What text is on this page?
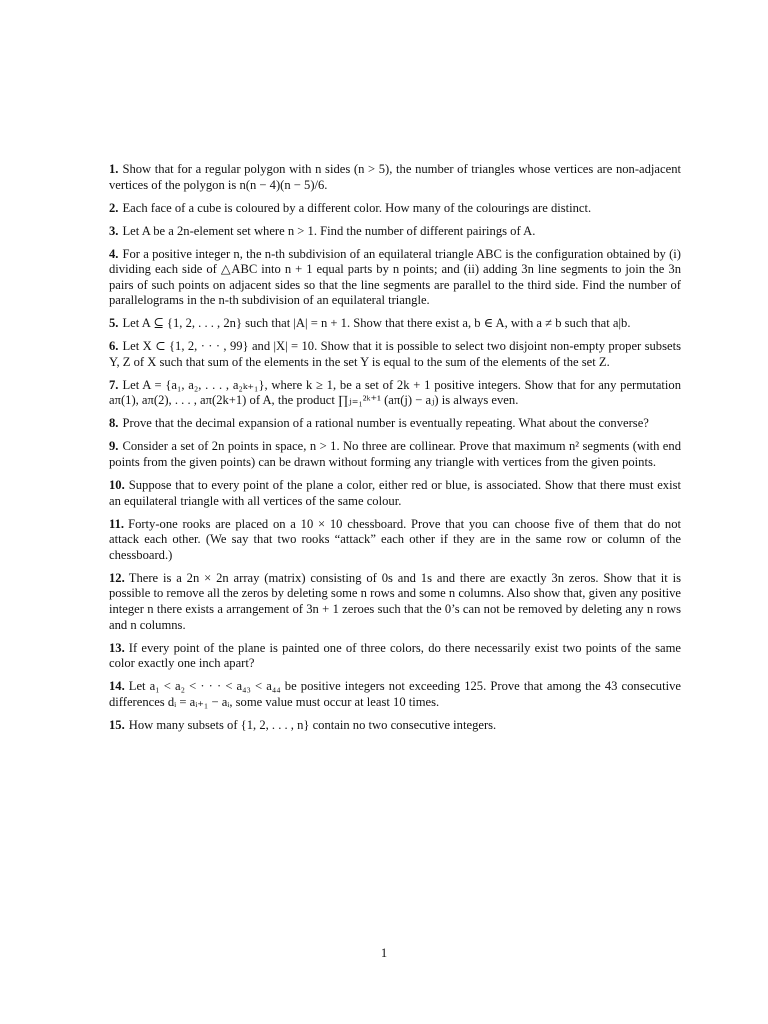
1. Show that for a regular polygon with n sides (n > 5), the number of triangles whose vertices are non-adjacent vertices of the polygon is n(n − 4)(n − 5)/6.

2. Each face of a cube is coloured by a different color. How many of the colourings are distinct.

3. Let A be a 2n-element set where n > 1. Find the number of different pairings of A.

4. For a positive integer n, the n-th subdivision of an equilateral triangle ABC is the configuration obtained by (i) dividing each side of △ABC into n + 1 equal parts by n points; and (ii) adding 3n line segments to join the 3n pairs of such points on adjacent sides so that the line segments are parallel to the third side. Find the number of parallelograms in the n-th subdivision of an equilateral triangle.

5. Let A ⊆ {1, 2, . . . , 2n} such that |A| = n + 1. Show that there exist a, b ∈ A, with a ≠ b such that a|b.

6. Let X ⊂ {1, 2, · · · , 99} and |X| = 10. Show that it is possible to select two disjoint non-empty proper subsets Y, Z of X such that sum of the elements in the set Y is equal to the sum of the elements of the set Z.

7. Let A = {a₁, a₂, . . . , a₂ₖ₊₁}, where k ≥ 1, be a set of 2k + 1 positive integers. Show that for any permutation aπ(1), aπ(2), . . . , aπ(2k+1) of A, the product ∏ⱼ₌₁²ᵏ⁺¹ (aπ(j) − aⱼ) is always even.

8. Prove that the decimal expansion of a rational number is eventually repeating. What about the converse?

9. Consider a set of 2n points in space, n > 1. No three are collinear. Prove that maximum n² segments (with end points from the given points) can be drawn without forming any triangle with vertices from the given points.

10. Suppose that to every point of the plane a color, either red or blue, is associated. Show that there must exist an equilateral triangle with all vertices of the same colour.

11. Forty-one rooks are placed on a 10 × 10 chessboard. Prove that you can choose five of them that do not attack each other. (We say that two rooks “attack” each other if they are in the same row or column of the chessboard.)

12. There is a 2n × 2n array (matrix) consisting of 0s and 1s and there are exactly 3n zeros. Show that it is possible to remove all the zeros by deleting some n rows and some n columns. Also show that, given any positive integer n there exists a arrangement of 3n + 1 zeroes such that the 0’s can not be removed by deleting any n rows and n columns.

13. If every point of the plane is painted one of three colors, do there necessarily exist two points of the same color exactly one inch apart?

14. Let a₁ < a₂ < · · · < a₄₃ < a₄₄ be positive integers not exceeding 125. Prove that among the 43 consecutive differences dᵢ = aᵢ₊₁ − aᵢ, some value must occur at least 10 times.

15. How many subsets of {1, 2, . . . , n} contain no two consecutive integers.

1
